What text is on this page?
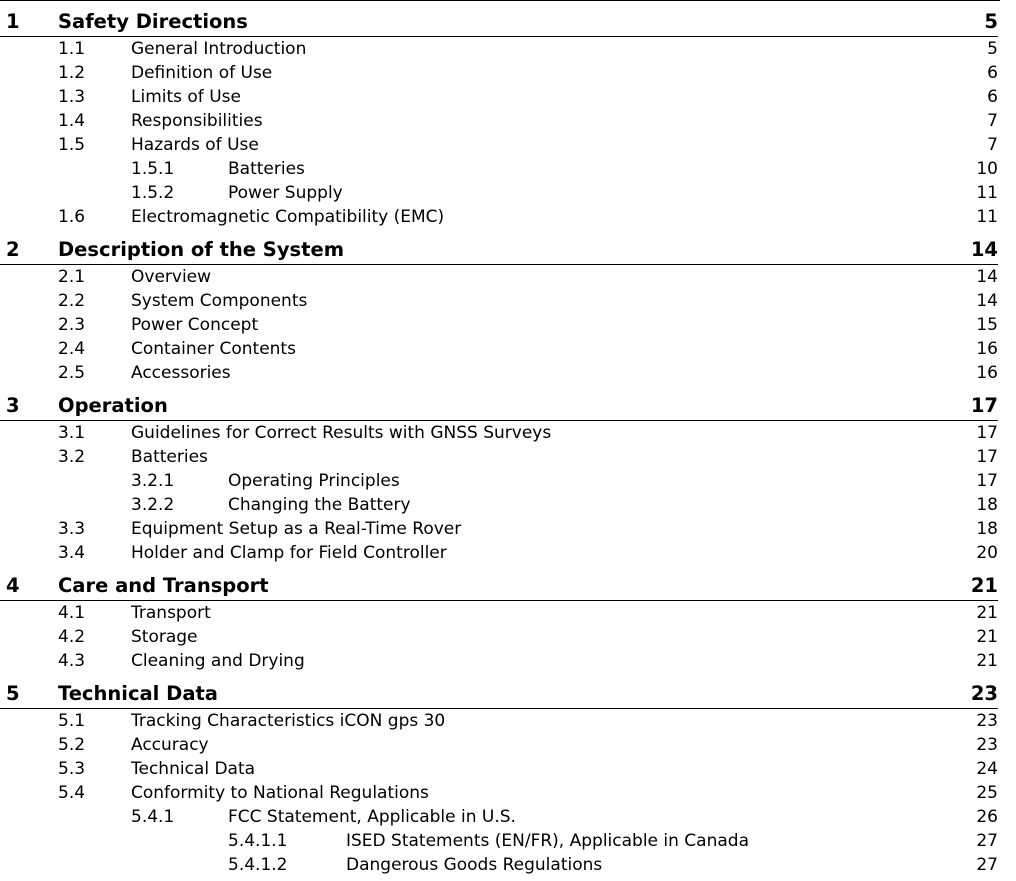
1 Safety Directions	5
1.1	General Introduction	5
1.2	Definition of Use	6
1.3	Limits of Use	6
1.4	Responsibilities	7
1.5	Hazards of Use	7
1.5.1	Batteries	10
1.5.2	Power Supply	11
1.6	Electromagnetic Compatibility (EMC)	11
2 Description of the System	14
2.1	Overview	14
2.2	System Components	14
2.3	Power Concept	15
2.4	Container Contents	16
2.5	Accessories	16
3 Operation	17
3.1	Guidelines for Correct Results with GNSS Surveys	17
3.2	Batteries	17
3.2.1	Operating Principles	17
3.2.2	Changing the Battery	18
3.3	Equipment Setup as a Real-Time Rover	18
3.4	Holder and Clamp for Field Controller	20
4 Care and Transport	21
4.1	Transport	21
4.2	Storage	21
4.3	Cleaning and Drying	21
5 Technical Data	23
5.1	Tracking Characteristics iCON gps 30	23
5.2	Accuracy	23
5.3	Technical Data	24
5.4	Conformity to National Regulations	25
5.4.1	FCC Statement, Applicable in U.S.	26
5.4.1.1	ISED Statements (EN/FR), Applicable in Canada	27
5.4.1.2	Dangerous Goods Regulations	27
